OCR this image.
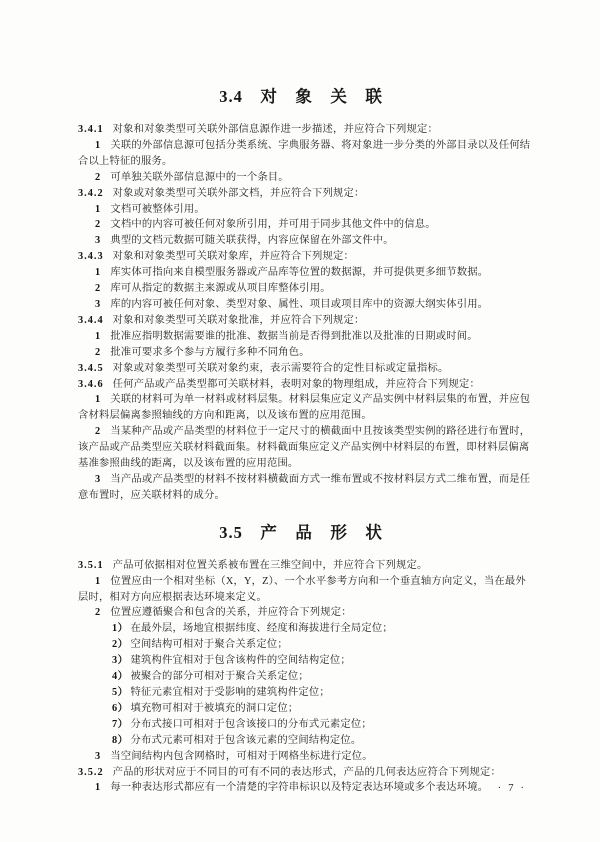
3.4　对　象　关　联
3.4.1 对象和对象类型可关联外部信息源作进一步描述，并应符合下列规定：
1 关联的外部信息源可包括分类系统、字典服务器、将对象进一步分类的外部目录以及任何结
合以上特征的服务。
2 可单独关联外部信息源中的一个条目。
3.4.2 对象或对象类型可关联外部文档，并应符合下列规定：
1 文档可被整体引用。
2 文档中的内容可被任何对象所引用，并可用于同步其他文件中的信息。
3 典型的文档元数据可随关联获得，内容应保留在外部文件中。
3.4.3 对象和对象类型可关联对象库，并应符合下列规定：
1 库实体可指向来自模型服务器或产品库等位置的数据源，并可提供更多细节数据。
2 库可从指定的数据主来源或从项目库整体引用。
3 库的内容可被任何对象、类型对象、属性、项目或项目库中的资源大纲实体引用。
3.4.4 对象和对象类型可关联对象批准，并应符合下列规定：
1 批准应指明数据需要谁的批准、数据当前是否得到批准以及批准的日期或时间。
2 批准可要求多个参与方履行多种不同角色。
3.4.5 对象或对象类型可关联对象约束，表示需要符合的定性目标或定量指标。
3.4.6 任何产品或产品类型都可关联材料，表明对象的物理组成，并应符合下列规定：
1 关联的材料可为单一材料或材料层集。材料层集应定义产品实例中材料层集的布置，并应包
含材料层偏离参照轴线的方向和距离，以及该布置的应用范围。
2 当某种产品或产品类型的材料位于一定尺寸的横截面中且按该类型实例的路径进行布置时，
该产品或产品类型应关联材料截面集。材料截面集应定义产品实例中材料层的布置，即材料层偏离
基准参照曲线的距离，以及该布置的应用范围。
3 当产品或产品类型的材料不按材料横截面方式一维布置或不按材料层方式二维布置，而是任
意布置时，应关联材料的成分。
3.5　产　品　形　状
3.5.1 产品可依据相对位置关系被布置在三维空间中，并应符合下列规定。
1 位置应由一个相对坐标（X，Y，Z）、一个水平参考方向和一个垂直轴方向定义，当在最外
层时，相对方向应根据表达环境来定义。
2 位置应遵循聚合和包含的关系，并应符合下列规定：
1） 在最外层，场地宜根据纬度、经度和海拔进行全局定位；
2） 空间结构可相对于聚合关系定位；
3） 建筑构件宜相对于包含该构件的空间结构定位；
4） 被聚合的部分可相对于聚合关系定位；
5） 特征元素宜相对于受影响的建筑构件定位；
6） 填充物可相对于被填充的洞口定位；
7） 分布式接口可相对于包含该接口的分布式元素定位；
8） 分布式元素可相对于包含该元素的空间结构定位。
3 当空间结构内包含网格时，可相对于网格坐标进行定位。
3.5.2 产品的形状对应于不同目的可有不同的表达形式，产品的几何表达应符合下列规定：
1 每一种表达形式都应有一个清楚的字符串标识以及特定表达环境或多个表达环境。 · 7 ·
